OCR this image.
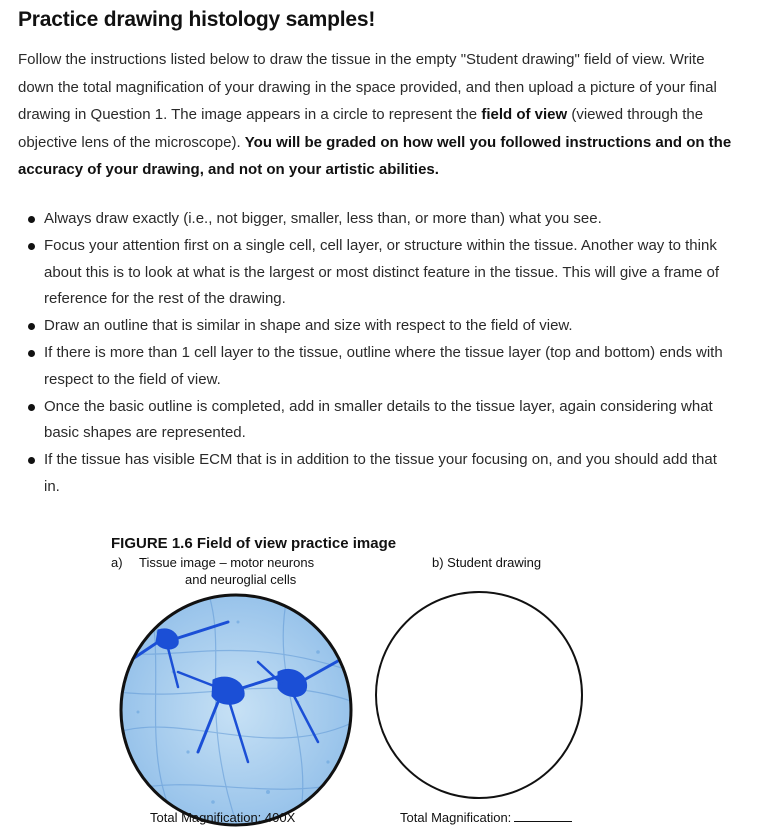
Practice drawing histology samples!
Follow the instructions listed below to draw the tissue in the empty "Student drawing" field of view. Write down the total magnification of your drawing in the space provided, and then upload a picture of your final drawing in Question 1. The image appears in a circle to represent the field of view (viewed through the objective lens of the microscope). You will be graded on how well you followed instructions and on the accuracy of your drawing, and not on your artistic abilities.
Always draw exactly (i.e., not bigger, smaller, less than, or more than) what you see.
Focus your attention first on a single cell, cell layer, or structure within the tissue. Another way to think about this is to look at what is the largest or most distinct feature in the tissue. This will give a frame of reference for the rest of the drawing.
Draw an outline that is similar in shape and size with respect to the field of view.
If there is more than 1 cell layer to the tissue, outline where the tissue layer (top and bottom) ends with respect to the field of view.
Once the basic outline is completed, add in smaller details to the tissue layer, again considering what basic shapes are represented.
If the tissue has visible ECM that is in addition to the tissue your focusing on, and you should add that in.
FIGURE 1.6 Field of view practice image
a) Tissue image – motor neurons
and neuroglial cells
b) Student drawing
Total Magnification: 400X	Total Magnification:
